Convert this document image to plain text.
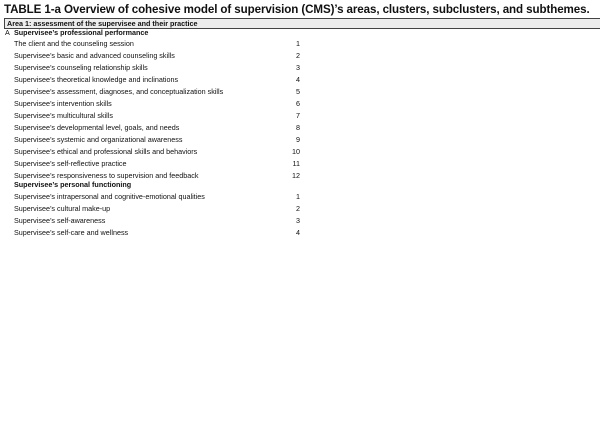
TABLE 1-a Overview of cohesive model of supervision (CMS)’s areas, clusters, subclusters, and subthemes.
Area 1: assessment of the supervisee and their practice
A Supervisee’s professional performance
The client and the counseling session	1
Supervisee’s basic and advanced counseling skills	2
Supervisee’s counseling relationship skills	3
Supervisee’s theoretical knowledge and inclinations	4
Supervisee’s assessment, diagnoses, and conceptualization skills	5
Supervisee’s intervention skills	6
Supervisee’s multicultural skills	7
Supervisee’s developmental level, goals, and needs	8
Supervisee’s systemic and organizational awareness	9
Supervisee’s ethical and professional skills and behaviors	10
Supervisee’s self-reflective practice	11
Supervisee’s responsiveness to supervision and feedback	12
Supervisee’s personal functioning
Supervisee’s intrapersonal and cognitive-emotional qualities	1
Supervisee’s cultural make-up	2
Supervisee’s self-awareness	3
Supervisee’s self-care and wellness	4
